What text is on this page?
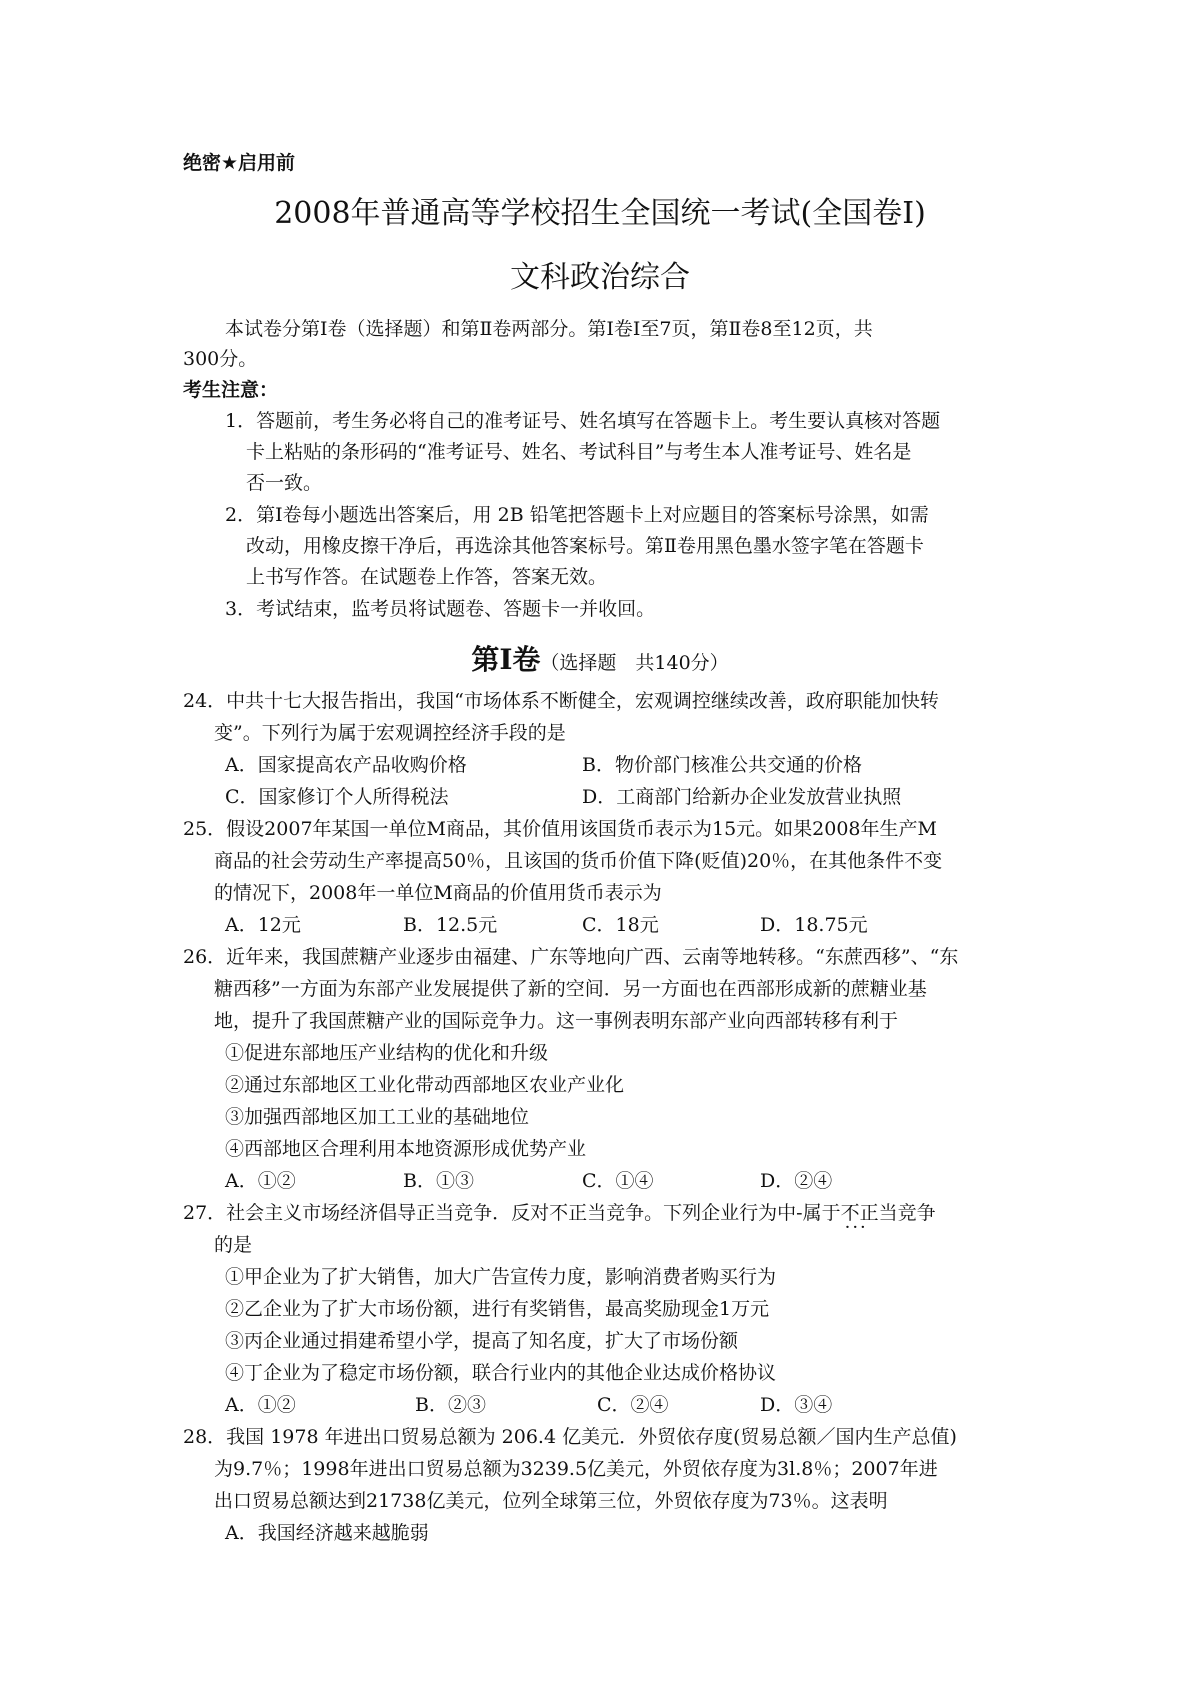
绝密★启用前
2008年普通高等学校招生全国统一考试(全国卷Ⅰ)
文科政治综合
本试卷分第Ⅰ卷（选择题）和第Ⅱ卷两部分。第Ⅰ卷Ⅰ至7页，第Ⅱ卷8至12页，共
300分。
考生注意：
1．答题前，考生务必将自己的准考证号、姓名填写在答题卡上。考生要认真核对答题
卡上粘贴的条形码的“准考证号、姓名、考试科目”与考生本人准考证号、姓名是
否一致。
2．第Ⅰ卷每小题选出答案后，用 2B 铅笔把答题卡上对应题目的答案标号涂黑，如需
改动，用橡皮擦干净后，再选涂其他答案标号。第Ⅱ卷用黑色墨水签字笔在答题卡
上书写作答。在试题卷上作答，答案无效。
3．考试结束，监考员将试题卷、答题卡一并收回。
第Ⅰ卷（选择题　共140分）
24．中共十七大报告指出，我国“市场体系不断健全，宏观调控继续改善，政府职能加快转
变”。下列行为属于宏观调控经济手段的是
A．国家提高农产品收购价格	B．物价部门核准公共交通的价格
C．国家修订个人所得税法	D．工商部门给新办企业发放营业执照
25．假设2007年某国一单位M商品，其价值用该国货币表示为15元。如果2008年生产M
商品的社会劳动生产率提高50％，且该国的货币价值下降(贬值)20％，在其他条件不变
的情况下，2008年一单位M商品的价值用货币表示为
A．12元	B．12.5元	C．18元	D．18.75元
26．近年来，我国蔗糖产业逐步由福建、广东等地向广西、云南等地转移。“东蔗西移”、“东
糖西移”一方面为东部产业发展提供了新的空间．另一方面也在西部形成新的蔗糖业基
地，提升了我国蔗糖产业的国际竞争力。这一事例表明东部产业向西部转移有利于
①促进东部地压产业结构的优化和升级
②通过东部地区工业化带动西部地区农业产业化
③加强西部地区加工工业的基础地位
④西部地区合理利用本地资源形成优势产业
A．①②	B．①③	C．①④	D．②④
27．社会主义市场经济倡导正当竞争．反对不正当竞争。下列企业行为中-属于不正当 ···竞争
的是
①甲企业为了扩大销售，加大广告宣传力度，影响消费者购买行为
②乙企业为了扩大市场份额，进行有奖销售，最高奖励现金1万元
③丙企业通过捐建希望小学，提高了知名度，扩大了市场份额
④丁企业为了稳定市场份额，联合行业内的其他企业达成价格协议
A．①②	B．②③	C．②④	D．③④
28．我国 1978 年进出口贸易总额为 206.4 亿美元．外贸依存度(贸易总额／国内生产总值)
为9.7％；1998年进出口贸易总额为3239.5亿美元，外贸依存度为3l.8％；2007年进
出口贸易总额达到21738亿美元，位列全球第三位，外贸依存度为73％。这表明
A．我国经济越来越脆弱
